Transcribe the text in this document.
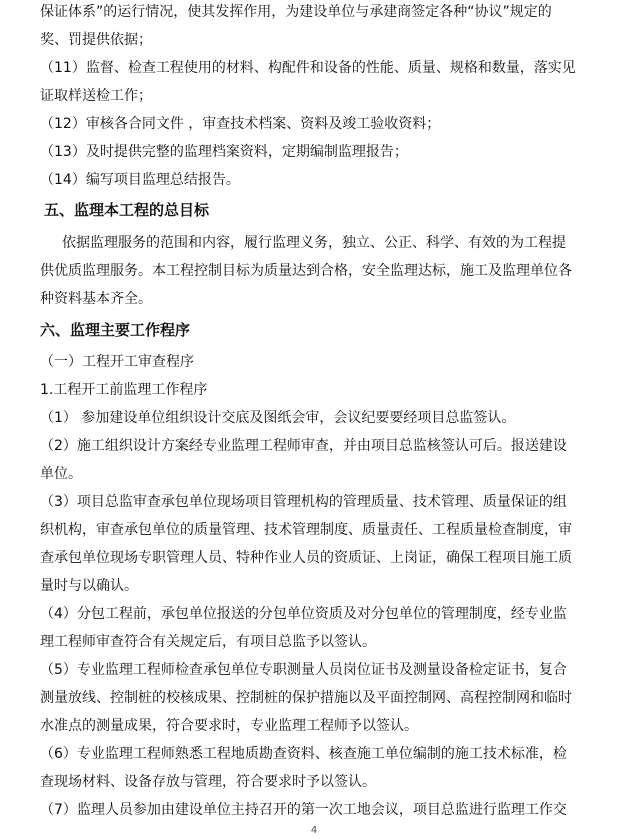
保证体系”的运行情况，使其发挥作用，为建设单位与承建商签定各种“协议”规定的
奖、罚提供依据；
（11）监督、检查工程使用的材料、构配件和设备的性能、质量、规格和数量，落实见
证取样送检工作；
（12）审核各合同文件 ，审查技术档案、资料及竣工验收资料；
（13）及时提供完整的监理档案资料，定期编制监理报告；
（14）编写项目监理总结报告。
五、监理本工程的总目标
依据监理服务的范围和内容，履行监理义务，独立、公正、科学、有效的为工程提
供优质监理服务。本工程控制目标为质量达到合格，安全监理达标，施工及监理单位各
种资料基本齐全。
六、监理主要工作程序
（一）工程开工审查程序
1.工程开工前监理工作程序
（1） 参加建设单位组织设计交底及图纸会审，会议纪要要经项目总监签认。
（2）施工组织设计方案经专业监理工程师审查，并由项目总监核签认可后。报送建设
单位。
（3）项目总监审查承包单位现场项目管理机构的管理质量、技术管理、质量保证的组
织机构，审查承包单位的质量管理、技术管理制度、质量责任、工程质量检查制度，审
查承包单位现场专职管理人员、特种作业人员的资质证、上岗证，确保工程项目施工质
量时与以确认。
（4）分包工程前，承包单位报送的分包单位资质及对分包单位的管理制度，经专业监
理工程师审查符合有关规定后，有项目总监予以签认。
（5）专业监理工程师检查承包单位专职测量人员岗位证书及测量设备检定证书，复合
测量放线、控制桩的校核成果、控制桩的保护措施以及平面控制网、高程控制网和临时
水准点的测量成果，符合要求时，专业监理工程师予以签认。
（6）专业监理工程师熟悉工程地质勘查资料、核查施工单位编制的施工技术标准，检
查现场材料、设备存放与管理，符合要求时予以签认。
（7）监理人员参加由建设单位主持召开的第一次工地会议，项目总监进行监理工作交
4
